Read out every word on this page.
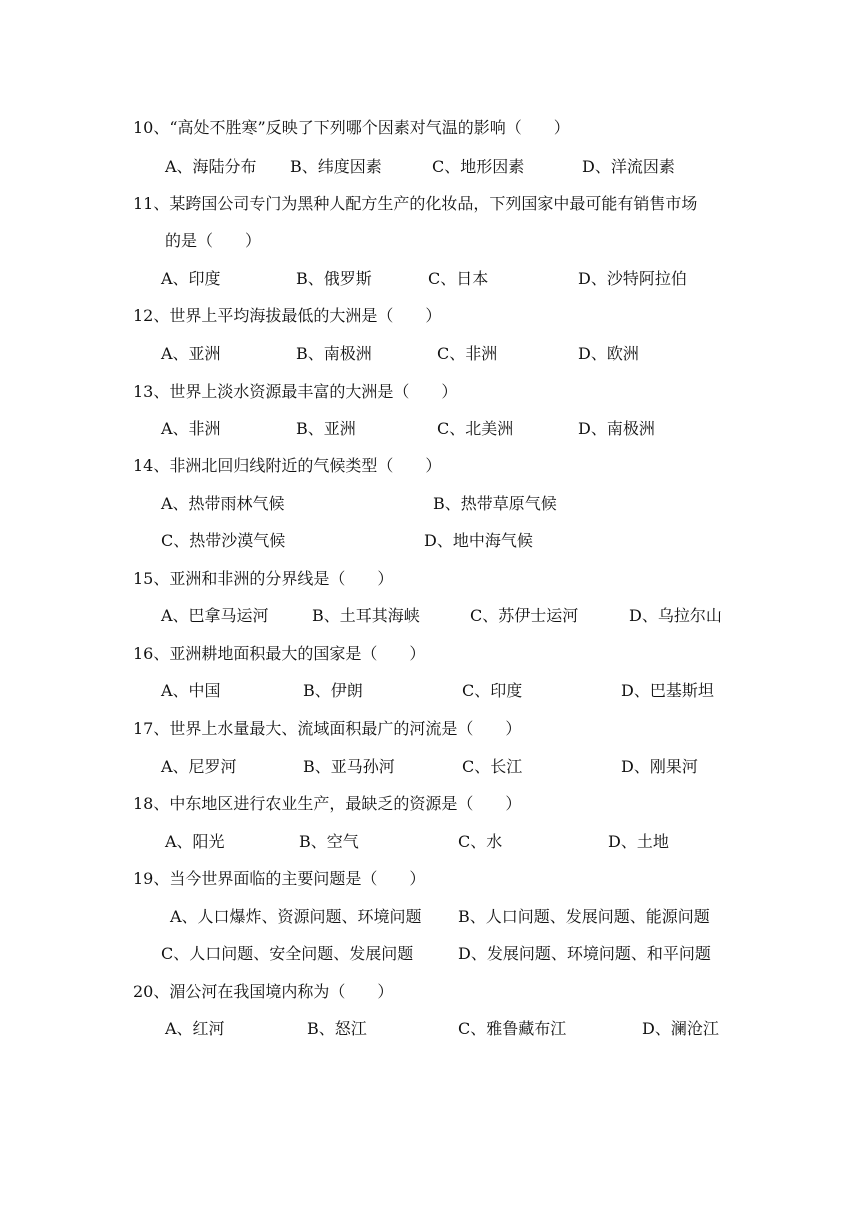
10、“高处不胜寒”反映了下列哪个因素对气温的影响（　　）
A、海陆分布 B、纬度因素	C、地形因素	D、洋流因素
11、某跨国公司专门为黑种人配方生产的化妆品，下列国家中最可能有销售市场
的是（　　）
A、印度	B、俄罗斯	C、日本	D、沙特阿拉伯
12、世界上平均海拔最低的大洲是（　　）
A、亚洲	B、南极洲	C、非洲	D、欧洲
13、世界上淡水资源最丰富的大洲是（　　）
A、非洲	B、亚洲	C、北美洲	D、南极洲
14、非洲北回归线附近的气候类型（　　）
A、热带雨林气候	B、热带草原气候
C、热带沙漠气候	D、地中海气候
15、亚洲和非洲的分界线是（　　）
A、巴拿马运河	B、土耳其海峡	C、苏伊士运河	D、乌拉尔山
16、亚洲耕地面积最大的国家是（　　）
A、中国	B、伊朗	C、印度	D、巴基斯坦
17、世界上水量最大、流域面积最广的河流是（　　）
A、尼罗河	B、亚马孙河	C、长江	D、刚果河
18、中东地区进行农业生产，最缺乏的资源是（　　）
A、阳光	B、空气	C、水	D、土地
19、当今世界面临的主要问题是（　　）
A、人口爆炸、资源问题、环境问题 B、人口问题、发展问题、能源问题
C、人口问题、安全问题、发展问题	D、发展问题、环境问题、和平问题
20、湄公河在我国境内称为（　　）
A、红河	B、怒江	C、雅鲁藏布江	D、澜沧江
